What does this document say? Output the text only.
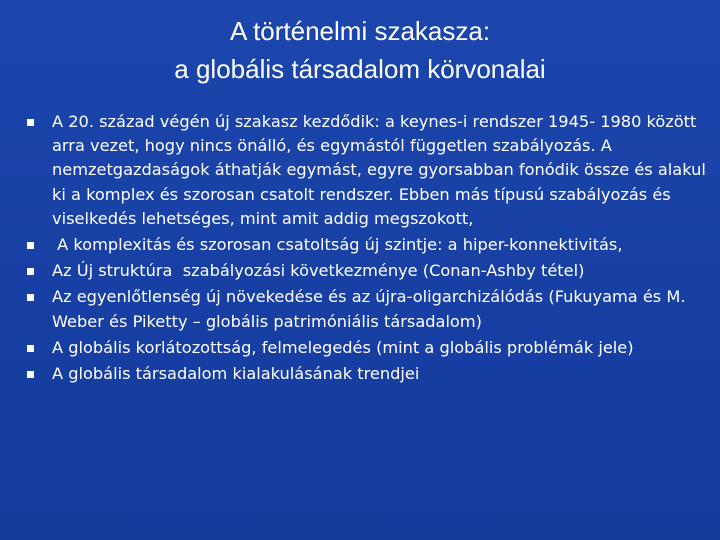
A történelmi szakasza:
a globális társadalom körvonalai
A 20. század végén új szakasz kezdődik: a keynes-i rendszer 1945- 1980 között arra vezet, hogy nincs önálló, és egymástól független szabályozás. A nemzetgazdaságok áthatják egymást, egyre gyorsabban fonódik össze és alakul ki a komplex és szorosan csatolt rendszer. Ebben más típusú szabályozás és viselkedés lehetséges, mint amit addig megszokott,
A komplexitás és szorosan csatoltság új szintje: a hiper-konnektivitás,
Az Új struktúra  szabályozási következménye (Conan-Ashby tétel)
Az egyenlőtlenség új növekedése és az újra-oligarchizálódás (Fukuyama és M. Weber és Piketty – globális patrimóniális társadalom)
A globális korlátozottság, felmelegedés (mint a globális problémák jele)
A globális társadalom kialakulásának trendjei
